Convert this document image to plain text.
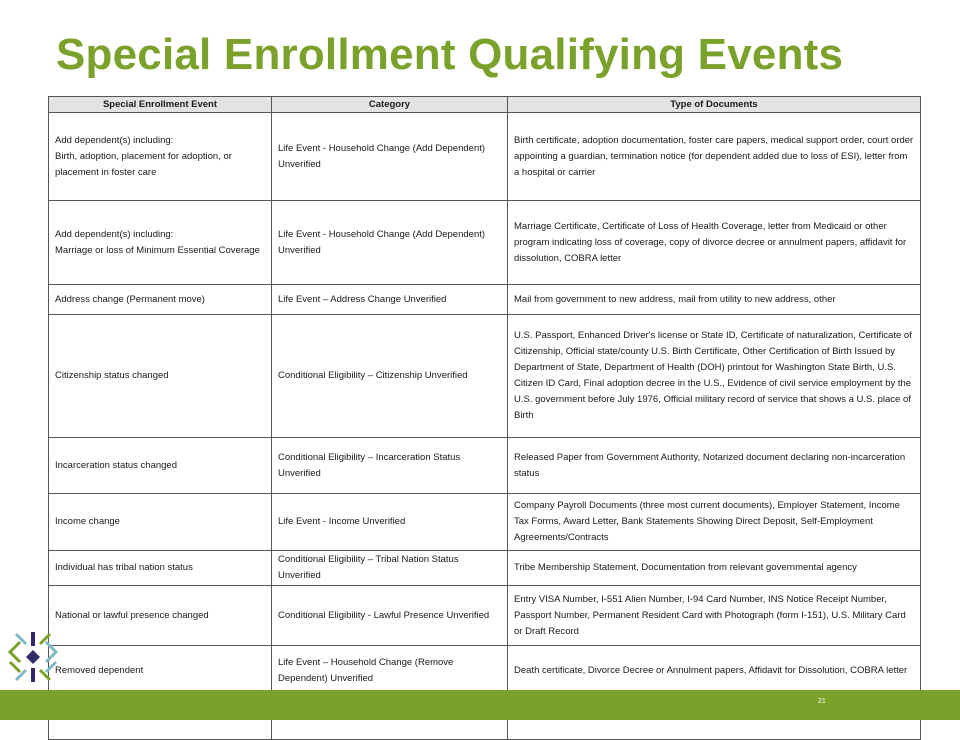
Special Enrollment Qualifying Events
Special Enrollment Event	Category	Type of Documents

Add dependent(s) including:
Birth, adoption, placement for adoption, or placement in foster care	Life Event - Household Change (Add Dependent) Unverified	Birth certificate, adoption documentation, foster care papers, medical support order, court order appointing a guardian, termination notice (for dependent added due to loss of ESI), letter from a hospital or carrier

Add dependent(s) including:
Marriage or loss of Minimum Essential Coverage	Life Event - Household Change (Add Dependent) Unverified	Marriage Certificate, Certificate of Loss of Health Coverage, letter from Medicaid or other program indicating loss of coverage, copy of divorce decree or annulment papers, affidavit for dissolution, COBRA letter

Address change (Permanent move)	Life Event – Address Change Unverified	Mail from government to new address, mail from utility to new address, other

Citizenship status changed	Conditional Eligibility – Citizenship Unverified	U.S. Passport, Enhanced Driver's license or State ID, Certificate of naturalization, Certificate of Citizenship, Official state/county U.S. Birth Certificate, Other Certification of Birth Issued by Department of State, Department of Health (DOH) printout for Washington State Birth, U.S. Citizen ID Card, Final adoption decree in the U.S., Evidence of civil service employment by the U.S. government before July 1976, Official military record of service that shows a U.S. place of Birth

Incarceration status changed	Conditional Eligibility – Incarceration Status Unverified	Released Paper from Government Authority, Notarized document declaring non-incarceration status

Income change	Life Event - Income Unverified	Company Payroll Documents (three most current documents), Employer Statement, Income Tax Forms, Award Letter, Bank Statements Showing Direct Deposit, Self-Employment Agreements/Contracts

Individual has tribal nation status	Conditional Eligibility – Tribal Nation Status Unverified	Tribe Membership Statement, Documentation from relevant governmental agency

National or lawful presence changed	Conditional Eligibility - Lawful Presence Unverified	Entry VISA Number, I-551 Alien Number, I-94 Card Number, INS Notice Receipt Number, Passport Number, Permanent Resident Card with Photograph (form I-151), U.S. Military Card or Draft Record

Removed dependent	Life Event – Household Change (Remove Dependent) Unverified	Death certificate, Divorce Decree or Annulment papers, Affidavit for Dissolution, COBRA letter

21
